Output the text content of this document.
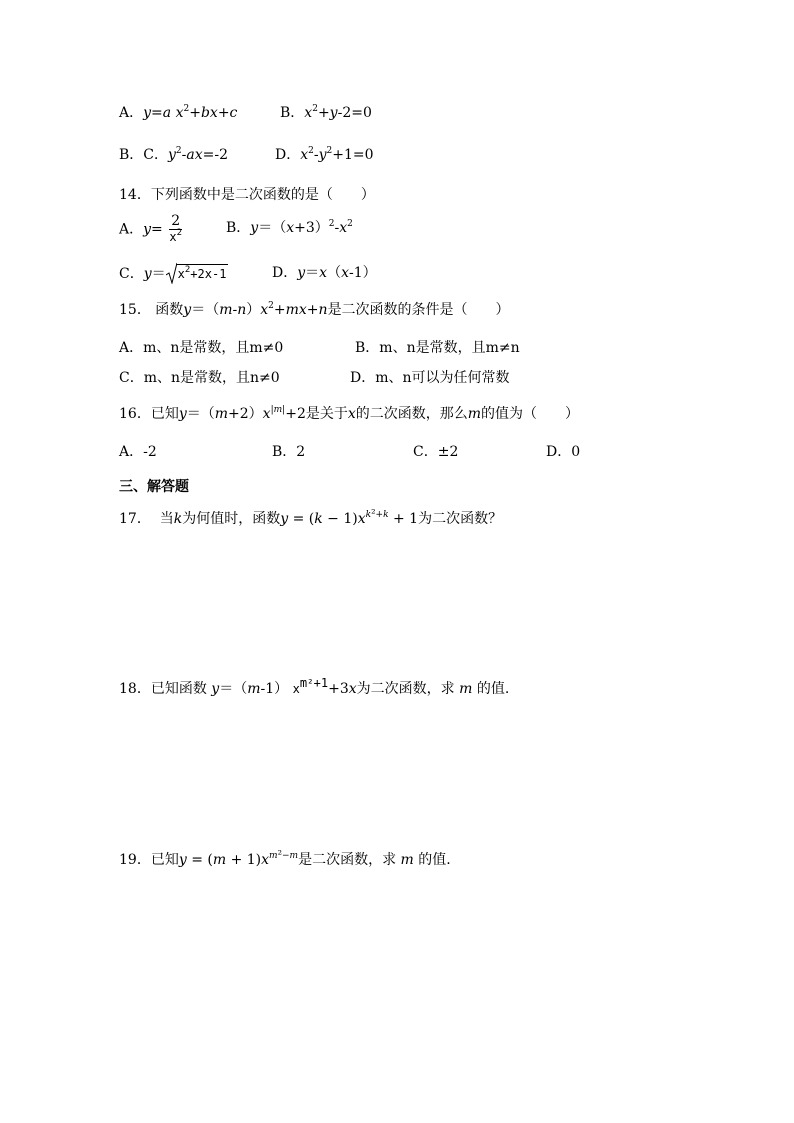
A．y=a $x^2+bx+c$	B．$x^2+y-2=0$
B．C．$y^2-ax=-2$	D．$x^2-y^2+1=0$
14．下列函数中是二次函数的是（　　）
A．$y= \frac{2}{x^2}$	B．$y=(x+3)^2-x^2$
C．$y= x^2+2x-1$	D．y＝x（x-1）
15． 函数$y=(m-n)x^2+mx+n$是二次函数的条件是（　　）
A．m、n是常数，且m≠0	B．m、n是常数，且m≠n
C．m、n是常数，且n≠0	D．m、n可以为任何常数
16．已知$y=(m+2)x^{|m|}+2$是关于x的二次函数，那么m的值为（　　）
A．-2	B．2	C．±2	D．0
三、解答题
17． 当k为何值时，函数$y = (k - 1)x^{k^2+k} + 1$为二次函数？
18．已知函数 y＝（m-1） $x^{m^2+1}+3x$为二次函数，求 m 的值.
19．已知$y = (m + 1)x^{m^2-m}$是二次函数，求 m 的值.
